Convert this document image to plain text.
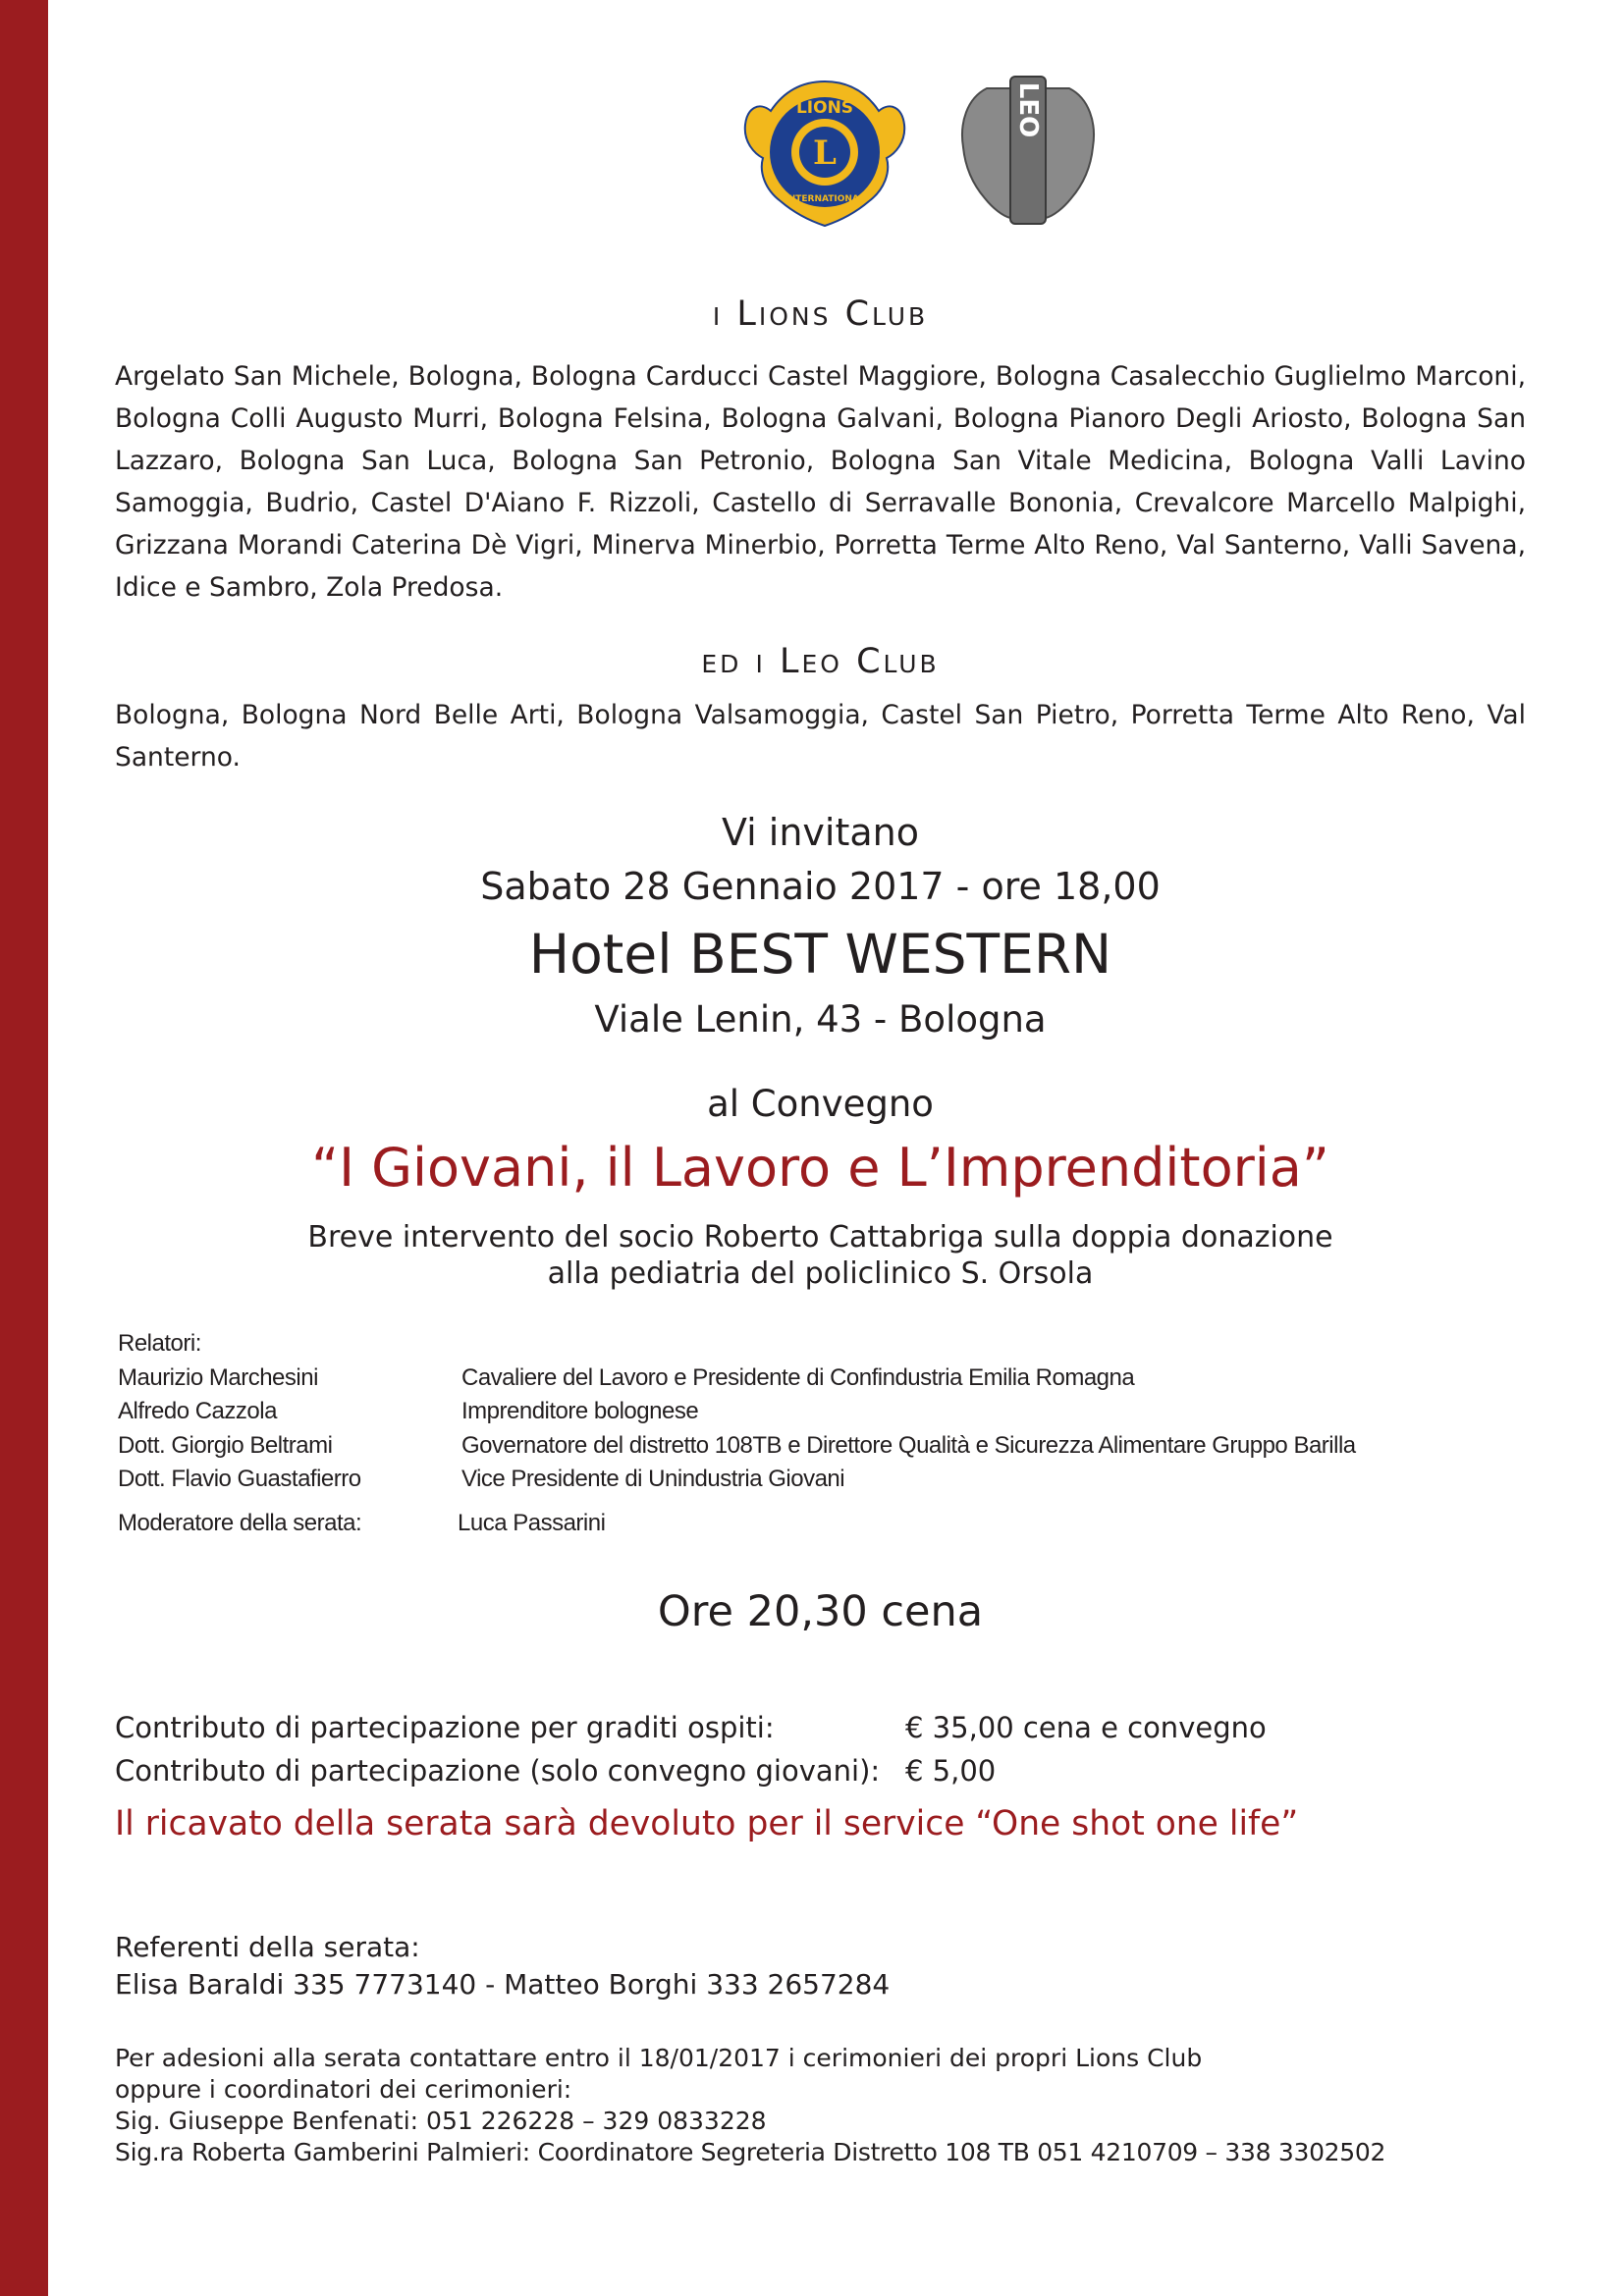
L
LIONS
INTERNATIONAL
LEO
i Lions Club
Argelato San Michele, Bologna, Bologna Carducci Castel Maggiore, Bologna Casalecchio Guglielmo Marconi, Bologna Colli Augusto Murri, Bologna Felsina, Bologna Galvani, Bologna Pianoro Degli Ariosto, Bologna San Lazzaro, Bologna San Luca, Bologna San Petronio, Bologna San Vitale Medicina, Bologna Valli Lavino Samoggia, Budrio, Castel D'Aiano F. Rizzoli, Castello di Serravalle Bononia, Crevalcore Marcello Malpighi, Grizzana Morandi Caterina Dè Vigri, Minerva Minerbio, Porretta Terme Alto Reno, Val Santerno, Valli Savena, Idice e Sambro, Zola Predosa.
ed i Leo Club
Bologna, Bologna Nord Belle Arti, Bologna Valsamoggia, Castel San Pietro, Porretta Terme Alto Reno, Val Santerno.
Vi invitano
Sabato 28 Gennaio 2017 - ore 18,00
Hotel BEST WESTERN
Viale Lenin, 43 - Bologna
al Convegno
“I Giovani, il Lavoro e L’Imprenditoria”
Breve intervento del socio Roberto Cattabriga sulla doppia donazione
alla pediatria del policlinico S. Orsola
Relatori:
Maurizio Marchesini	Cavaliere del Lavoro e Presidente di Confindustria Emilia Romagna
Alfredo Cazzola	Imprenditore bolognese
Dott. Giorgio Beltrami	Governatore del distretto 108TB e Direttore Qualità e Sicurezza Alimentare Gruppo Barilla
Dott. Flavio Guastafierro	Vice Presidente di Unindustria Giovani
Moderatore della serata:	Luca Passarini
Ore 20,30 cena
Contributo di partecipazione per graditi ospiti:	€ 35,00 cena e convegno
Contributo di partecipazione (solo convegno giovani): € 5,00
Il ricavato della serata sarà devoluto per il service “One shot one life”
Referenti della serata:
Elisa Baraldi 335 7773140 - Matteo Borghi 333 2657284
Per adesioni alla serata contattare entro il 18/01/2017 i cerimonieri dei propri Lions Club
oppure i coordinatori dei cerimonieri:
Sig. Giuseppe Benfenati: 051 226228 – 329 0833228
Sig.ra Roberta Gamberini Palmieri: Coordinatore Segreteria Distretto 108 TB 051 4210709 – 338 3302502
